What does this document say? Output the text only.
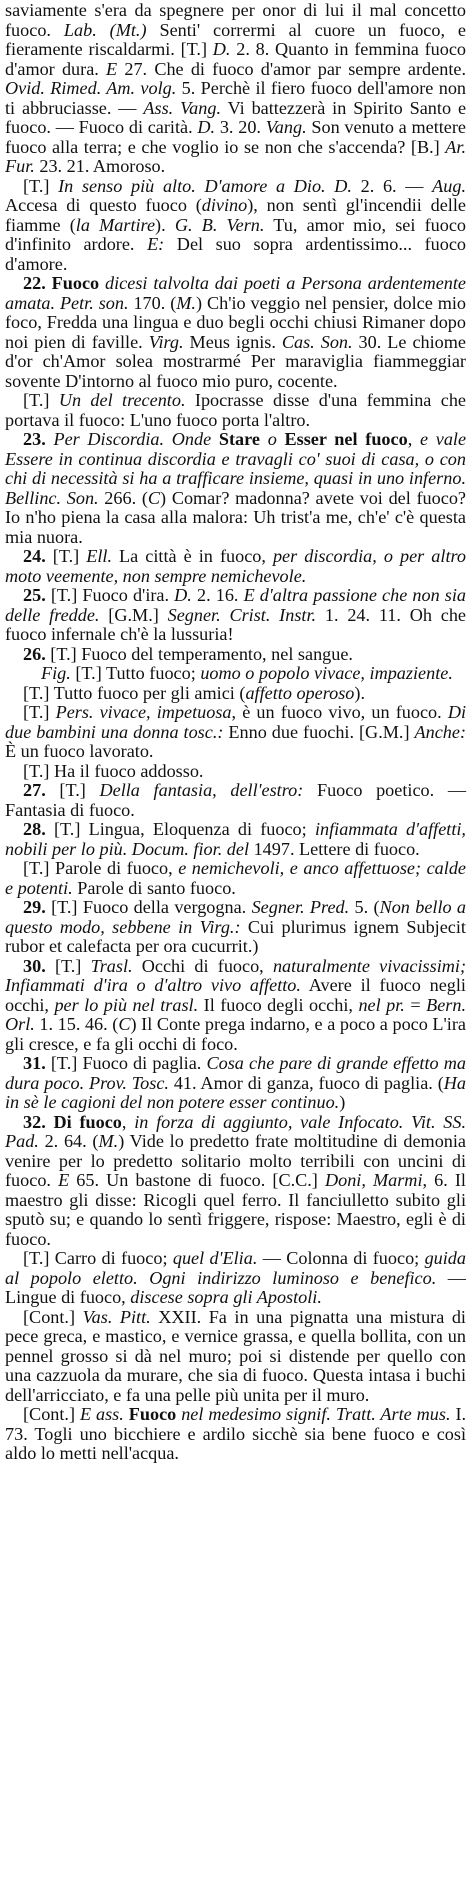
saviamente s'era da spegnere per onor di lui il mal concetto fuoco. Lab. (Mt.) Senti' corrermi al cuore un fuoco, e fieramente riscaldarmi. [T.] D. 2. 8. Quanto in femmina fuoco d'amor dura. E 27. Che di fuoco d'amor par sempre ardente. Ovid. Rimed. Am. volg. 5. Perchè il fiero fuoco dell'amore non ti abbruciasse. — Ass. Vang. Vi battezzerà in Spirito Santo e fuoco. — Fuoco di carità. D. 3. 20. Vang. Son venuto a mettere fuoco alla terra; e che voglio io se non che s'accenda? [B.] Ar. Fur. 23. 21. Amoroso.

[T.] In senso più alto. D'amore a Dio. D. 2. 6. — Aug. Accesa di questo fuoco (divino), non sentì gl'incendii delle fiamme (la Martire). G. B. Vern. Tu, amor mio, sei fuoco d'infinito ardore. E: Del suo sopra ardentissimo... fuoco d'amore.

22. Fuoco dicesi talvolta dai poeti a Persona ardentemente amata. Petr. son. 170. (M.) Ch'io veggio nel pensier, dolce mio foco, Fredda una lingua e duo begli occhi chiusi Rimaner dopo noi pien di faville. Virg. Meus ignis. Cas. Son. 30. Le chiome d'or ch'Amor solea mostrarmé Per maraviglia fiammeggiar sovente D'intorno al fuoco mio puro, cocente.

[T.] Un del trecento. Ipocrasse disse d'una femmina che portava il fuoco: L'uno fuoco porta l'altro.

23. Per Discordia. Onde Stare o Esser nel fuoco, e vale Essere in continua discordia e travagli co' suoi di casa, o con chi di necessità si ha a trafficare insieme, quasi in uno inferno. Bellinc. Son. 266. (C) Comar? madonna? avete voi del fuoco? Io n'ho piena la casa alla malora: Uh trist'a me, ch'e' c'è questa mia nuora.

24. [T.] Ell. La città è in fuoco, per discordia, o per altro moto veemente, non sempre nemichevole.

25. [T.] Fuoco d'ira. D. 2. 16. E d'altra passione che non sia delle fredde. [G.M.] Segner. Crist. Instr. 1. 24. 11. Oh che fuoco infernale ch'è la lussuria!

26. [T.] Fuoco del temperamento, nel sangue.

Fig. [T.] Tutto fuoco; uomo o popolo vivace, impaziente.

[T.] Tutto fuoco per gli amici (affetto operoso).

[T.] Pers. vivace, impetuosa, è un fuoco vivo, un fuoco. Di due bambini una donna tosc.: Enno due fuochi. [G.M.] Anche: È un fuoco lavorato.

[T.] Ha il fuoco addosso.

27. [T.] Della fantasia, dell'estro: Fuoco poetico. — Fantasia di fuoco.

28. [T.] Lingua, Eloquenza di fuoco; infiammata d'affetti, nobili per lo più. Docum. fior. del 1497. Lettere di fuoco.

[T.] Parole di fuoco, e nemichevoli, e anco affettuose; calde e potenti. Parole di santo fuoco.

29. [T.] Fuoco della vergogna. Segner. Pred. 5. (Non bello a questo modo, sebbene in Virg.: Cui plurimus ignem Subjecit rubor et calefacta per ora cucurrit.)

30. [T.] Trasl. Occhi di fuoco, naturalmente vivacissimi; Infiammati d'ira o d'altro vivo affetto. Avere il fuoco negli occhi, per lo più nel trasl. Il fuoco degli occhi, nel pr. = Bern. Orl. 1. 15. 46. (C) Il Conte prega indarno, e a poco a poco L'ira gli cresce, e fa gli occhi di foco.

31. [T.] Fuoco di paglia. Cosa che pare di grande effetto ma dura poco. Prov. Tosc. 41. Amor di ganza, fuoco di paglia. (Ha in sè le cagioni del non potere esser continuo.)

32. Di fuoco, in forza di aggiunto, vale Infocato. Vit. SS. Pad. 2. 64. (M.) Vide lo predetto frate moltitudine di demonia venire per lo predetto solitario molto terribili con uncini di fuoco. E 65. Un bastone di fuoco. [C.C.] Doni, Marmi, 6. Il maestro gli disse: Ricogli quel ferro. Il fanciulletto subito gli sputò su; e quando lo sentì friggere, rispose: Maestro, egli è di fuoco.

[T.] Carro di fuoco; quel d'Elia. — Colonna di fuoco; guida al popolo eletto. Ogni indirizzo luminoso e benefico. — Lingue di fuoco, discese sopra gli Apostoli.

[Cont.] Vas. Pitt. XXII. Fa in una pignatta una mistura di pece greca, e mastico, e vernice grassa, e quella bollita, con un pennel grosso si dà nel muro; poi si distende per quello con una cazzuola da murare, che sia di fuoco. Questa intasa i buchi dell'arricciato, e fa una pelle più unita per il muro.

[Cont.] E ass. Fuoco nel medesimo signif. Tratt. Arte mus. I. 73. Togli uno bicchiere e ardilo sicchè sia bene fuoco e così aldo lo metti nell'acqua.
